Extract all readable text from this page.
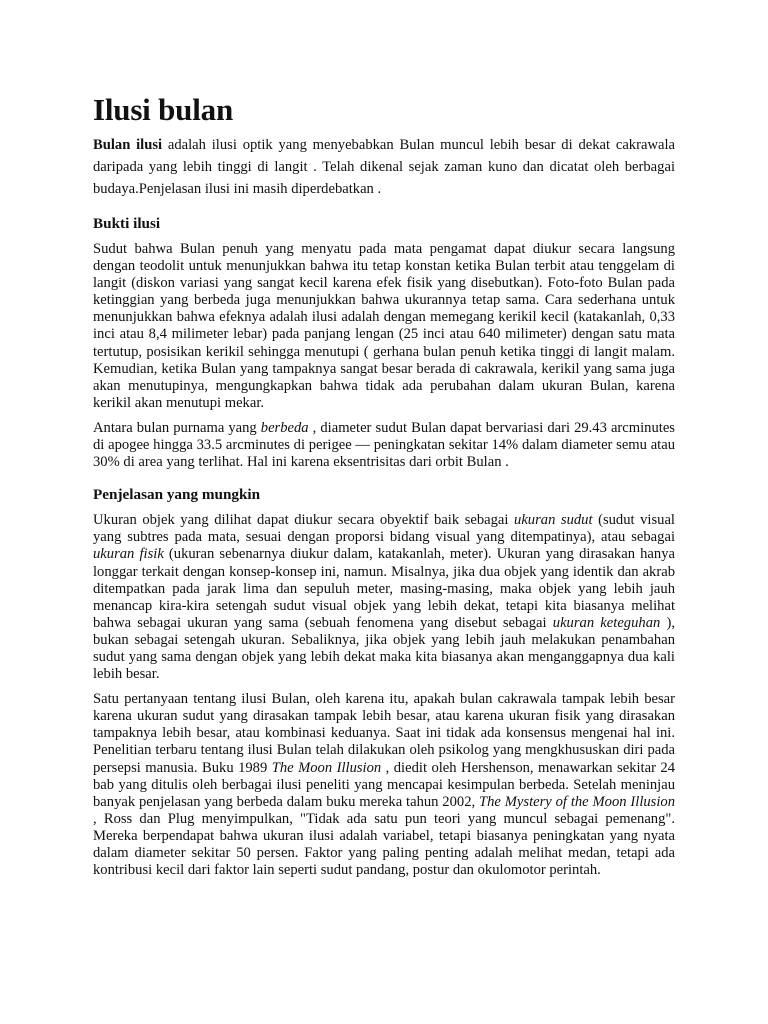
Ilusi bulan

Bulan ilusi adalah ilusi optik yang menyebabkan Bulan muncul lebih besar di dekat cakrawala daripada yang lebih tinggi di langit . Telah dikenal sejak zaman kuno dan dicatat oleh berbagai budaya.Penjelasan ilusi ini masih diperdebatkan .

Bukti ilusi

Sudut bahwa Bulan penuh yang menyatu pada mata pengamat dapat diukur secara langsung dengan teodolit untuk menunjukkan bahwa itu tetap konstan ketika Bulan terbit atau tenggelam di langit (diskon variasi yang sangat kecil karena efek fisik yang disebutkan). Foto-foto Bulan pada ketinggian yang berbeda juga menunjukkan bahwa ukurannya tetap sama. Cara sederhana untuk menunjukkan bahwa efeknya adalah ilusi adalah dengan memegang kerikil kecil (katakanlah, 0,33 inci atau 8,4 milimeter lebar) pada panjang lengan (25 inci atau 640 milimeter) dengan satu mata tertutup, posisikan kerikil sehingga menutupi ( gerhana bulan penuh ketika tinggi di langit malam. Kemudian, ketika Bulan yang tampaknya sangat besar berada di cakrawala, kerikil yang sama juga akan menutupinya, mengungkapkan bahwa tidak ada perubahan dalam ukuran Bulan, karena kerikil akan menutupi mekar.

Antara bulan purnama yang berbeda , diameter sudut Bulan dapat bervariasi dari 29.43 arcminutes di apogee hingga 33.5 arcminutes di perigee — peningkatan sekitar 14% dalam diameter semu atau 30% di area yang terlihat. Hal ini karena eksentrisitas dari orbit Bulan .

Penjelasan yang mungkin

Ukuran objek yang dilihat dapat diukur secara obyektif baik sebagai ukuran sudut (sudut visual yang subtres pada mata, sesuai dengan proporsi bidang visual yang ditempatinya), atau sebagai ukuran fisik (ukuran sebenarnya diukur dalam, katakanlah, meter). Ukuran yang dirasakan hanya longgar terkait dengan konsep-konsep ini, namun. Misalnya, jika dua objek yang identik dan akrab ditempatkan pada jarak lima dan sepuluh meter, masing-masing, maka objek yang lebih jauh menancap kira-kira setengah sudut visual objek yang lebih dekat, tetapi kita biasanya melihat bahwa sebagai ukuran yang sama (sebuah fenomena yang disebut sebagai ukuran keteguhan ), bukan sebagai setengah ukuran. Sebaliknya, jika objek yang lebih jauh melakukan penambahan sudut yang sama dengan objek yang lebih dekat maka kita biasanya akan menganggapnya dua kali lebih besar.

Satu pertanyaan tentang ilusi Bulan, oleh karena itu, apakah bulan cakrawala tampak lebih besar karena ukuran sudut yang dirasakan tampak lebih besar, atau karena ukuran fisik yang dirasakan tampaknya lebih besar, atau kombinasi keduanya. Saat ini tidak ada konsensus mengenai hal ini. Penelitian terbaru tentang ilusi Bulan telah dilakukan oleh psikolog yang mengkhususkan diri pada persepsi manusia. Buku 1989 The Moon Illusion , diedit oleh Hershenson, menawarkan sekitar 24 bab yang ditulis oleh berbagai ilusi peneliti yang mencapai kesimpulan berbeda. Setelah meninjau banyak penjelasan yang berbeda dalam buku mereka tahun 2002, The Mystery of the Moon Illusion , Ross dan Plug menyimpulkan, "Tidak ada satu pun teori yang muncul sebagai pemenang". Mereka berpendapat bahwa ukuran ilusi adalah variabel, tetapi biasanya peningkatan yang nyata dalam diameter sekitar 50 persen. Faktor yang paling penting adalah melihat medan, tetapi ada kontribusi kecil dari faktor lain seperti sudut pandang, postur dan okulomotor perintah.
